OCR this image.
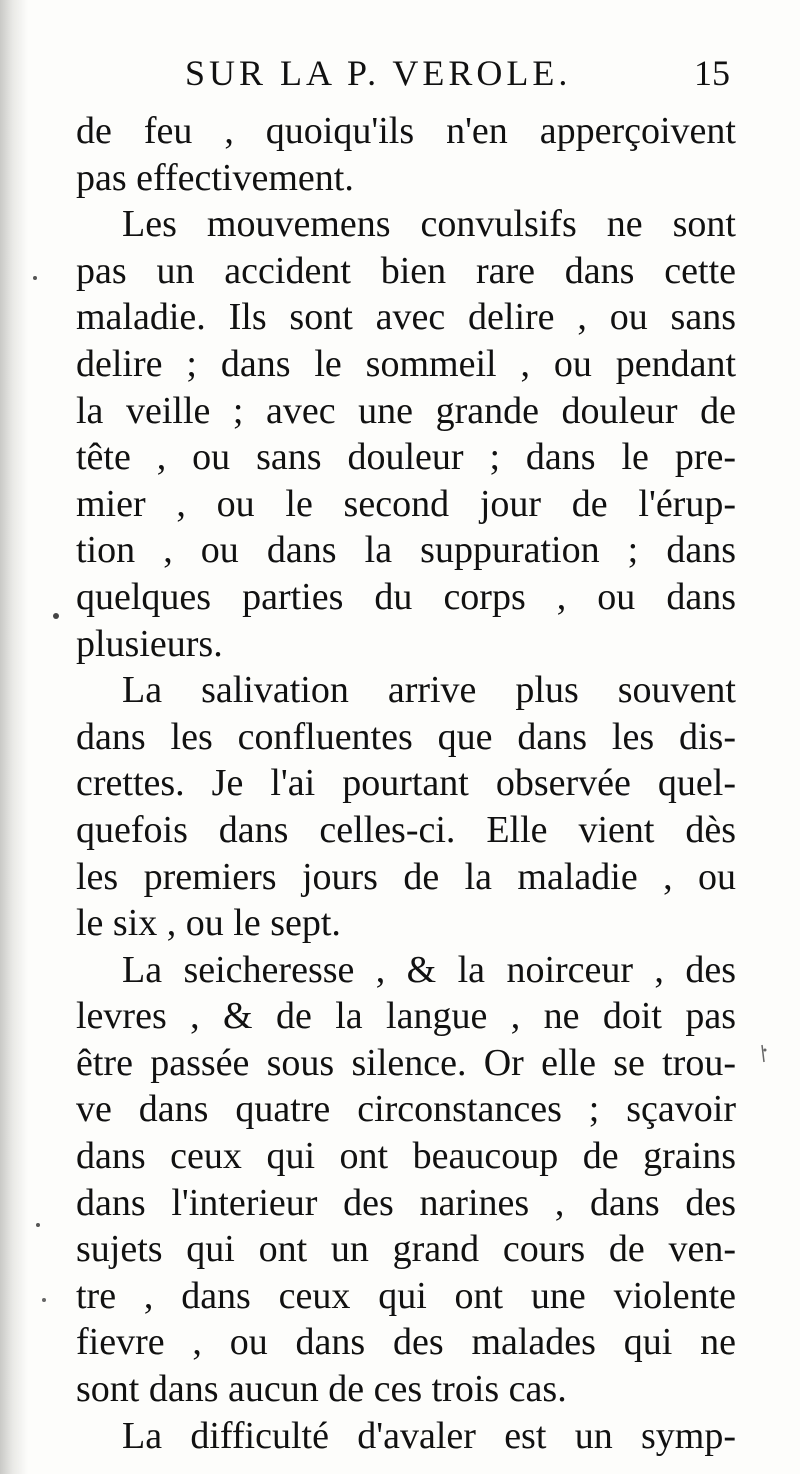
SUR LA P. VEROLE.	15
de feu , quoiqu'ils n'en apperçoivent
pas effectivement.
Les mouvemens convulsifs ne sont
pas un accident bien rare dans cette
maladie. Ils sont avec delire , ou sans
delire ; dans le sommeil , ou pendant
la veille ; avec une grande douleur de
tête , ou sans douleur ; dans le pre-
mier , ou le second jour de l'érup-
tion , ou dans la suppuration ; dans
quelques parties du corps , ou dans
plusieurs.
La salivation arrive plus souvent
dans les confluentes que dans les dis-
crettes. Je l'ai pourtant observée quel-
quefois dans celles-ci. Elle vient dès
les premiers jours de la maladie , ou
le six , ou le sept.
La seicheresse , & la noirceur , des
levres , & de la langue , ne doit pas
être passée sous silence. Or elle se trou-
ve dans quatre circonstances ; sçavoir
dans ceux qui ont beaucoup de grains
dans l'interieur des narines , dans des
sujets qui ont un grand cours de ven-
tre , dans ceux qui ont une violente
fievre , ou dans des malades qui ne
sont dans aucun de ces trois cas.
La difficulté d'avaler est un symp-
